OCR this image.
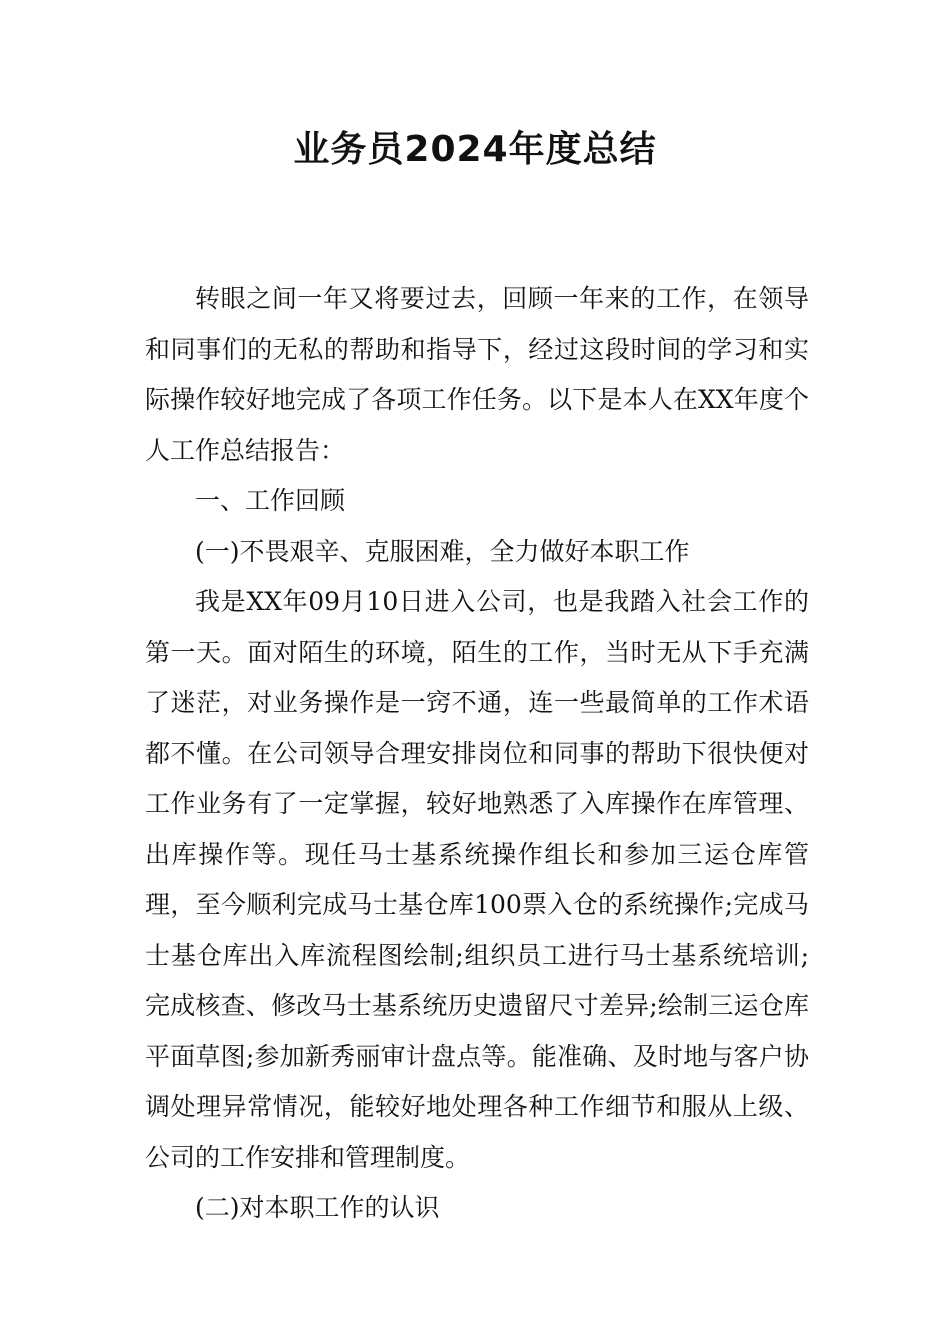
业务员2024年度总结

转眼之间一年又将要过去，回顾一年来的工作，在领导和同事们的无私的帮助和指导下，经过这段时间的学习和实际操作较好地完成了各项工作任务。以下是本人在XX年度个人工作总结报告：

一、工作回顾

(一)不畏艰辛、克服困难，全力做好本职工作

我是XX年09月10日进入公司，也是我踏入社会工作的第一天。面对陌生的环境，陌生的工作，当时无从下手充满了迷茫，对业务操作是一窍不通，连一些最简单的工作术语都不懂。在公司领导合理安排岗位和同事的帮助下很快便对工作业务有了一定掌握，较好地熟悉了入库操作在库管理、出库操作等。现任马士基系统操作组长和参加三运仓库管理，至今顺利完成马士基仓库100票入仓的系统操作;完成马士基仓库出入库流程图绘制;组织员工进行马士基系统培训;完成核查、修改马士基系统历史遗留尺寸差异;绘制三运仓库平面草图;参加新秀丽审计盘点等。能准确、及时地与客户协调处理异常情况，能较好地处理各种工作细节和服从上级、公司的工作安排和管理制度。

(二)对本职工作的认识
